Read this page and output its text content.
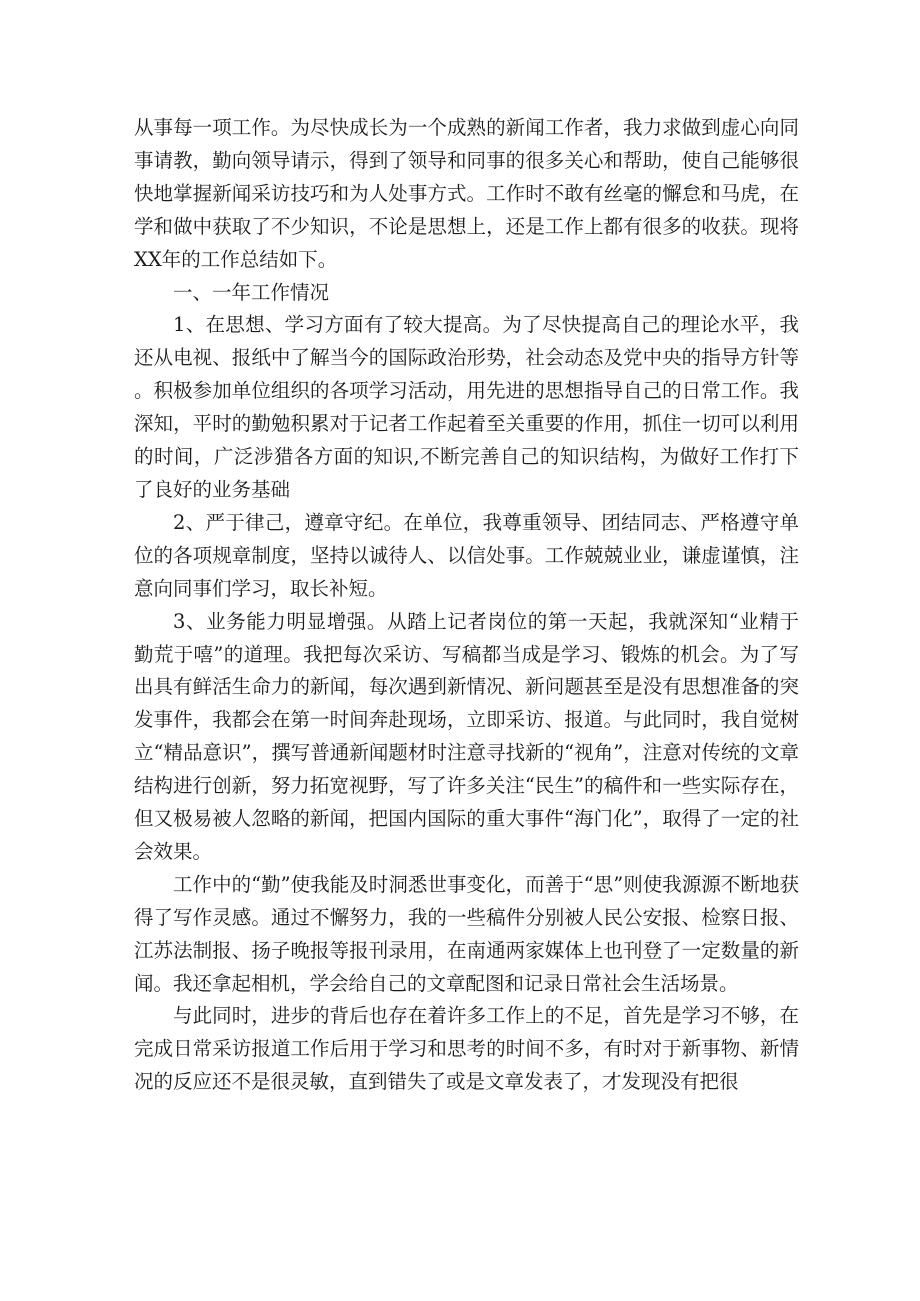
从事每一项工作。为尽快成长为一个成熟的新闻工作者，我力求做到虚心向同事请教，勤向领导请示，得到了领导和同事的很多关心和帮助，使自己能够很快地掌握新闻采访技巧和为人处事方式。工作时不敢有丝毫的懈怠和马虎，在学和做中获取了不少知识，不论是思想上，还是工作上都有很多的收获。现将XX年的工作总结如下。

一、一年工作情况

1、在思想、学习方面有了较大提高。为了尽快提高自己的理论水平，我还从电视、报纸中了解当今的国际政治形势，社会动态及党中央的指导方针等。积极参加单位组织的各项学习活动，用先进的思想指导自己的日常工作。我深知，平时的勤勉积累对于记者工作起着至关重要的作用，抓住一切可以利用的时间，广泛涉猎各方面的知识,不断完善自己的知识结构，为做好工作打下了良好的业务基础

2、严于律己，遵章守纪。在单位，我尊重领导、团结同志、严格遵守单位的各项规章制度，坚持以诚待人、以信处事。工作兢兢业业，谦虚谨慎，注意向同事们学习，取长补短。

3、业务能力明显增强。从踏上记者岗位的第一天起，我就深知“业精于勤荒于嘻”的道理。我把每次采访、写稿都当成是学习、锻炼的机会。为了写出具有鲜活生命力的新闻，每次遇到新情况、新问题甚至是没有思想准备的突发事件，我都会在第一时间奔赴现场，立即采访、报道。与此同时，我自觉树立“精品意识”，撰写普通新闻题材时注意寻找新的“视角”，注意对传统的文章结构进行创新，努力拓宽视野，写了许多关注“民生”的稿件和一些实际存在，但又极易被人忽略的新闻，把国内国际的重大事件“海门化”，取得了一定的社会效果。

工作中的“勤”使我能及时洞悉世事变化，而善于“思”则使我源源不断地获得了写作灵感。通过不懈努力，我的一些稿件分别被人民公安报、检察日报、江苏法制报、扬子晚报等报刊录用，在南通两家媒体上也刊登了一定数量的新闻。我还拿起相机，学会给自己的文章配图和记录日常社会生活场景。

与此同时，进步的背后也存在着许多工作上的不足，首先是学习不够，在完成日常采访报道工作后用于学习和思考的时间不多，有时对于新事物、新情况的反应还不是很灵敏，直到错失了或是文章发表了，才发现没有把很
